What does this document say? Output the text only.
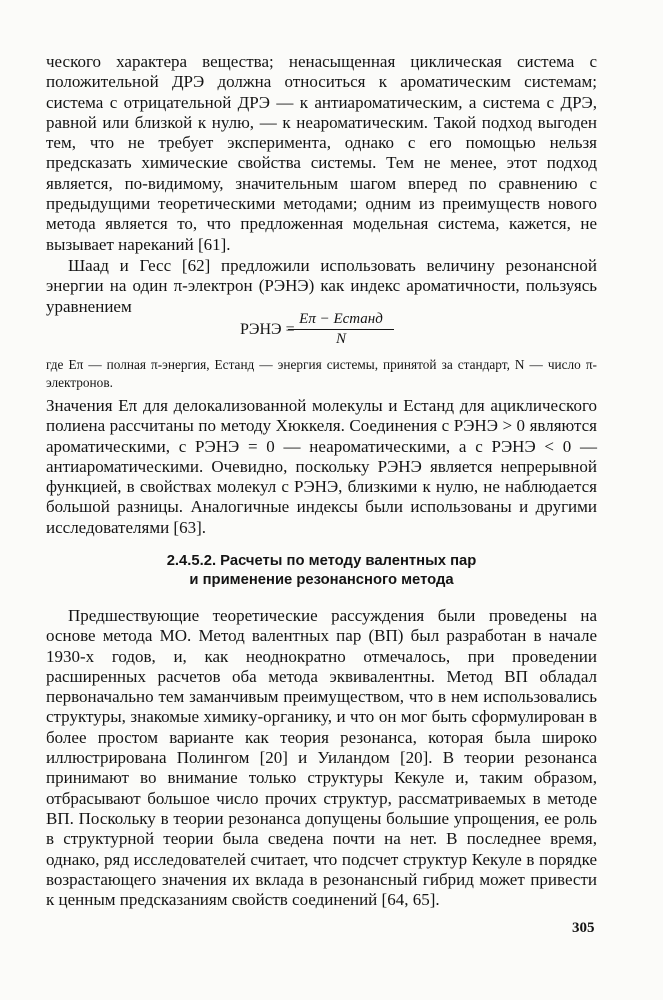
ческого характера вещества; ненасыщенная циклическая система с положительной ДРЭ должна относиться к ароматическим системам; система с отрицательной ДРЭ — к антиароматическим, а система с ДРЭ, равной или близкой к нулю, — к неароматическим. Такой подход выгоден тем, что не требует эксперимента, однако с его помощью нельзя предсказать химические свойства системы. Тем не менее, этот подход является, по-видимому, значительным шагом вперед по сравнению с предыдущими теоретическими методами; одним из преимуществ нового метода является то, что предложенная модельная система, кажется, не вызывает нареканий [61].

Шаад и Гесс [62] предложили использовать величину резонансной энергии на один π-электрон (РЭНЭ) как индекс ароматичности, пользуясь уравнением

РЭНЭ =
Eπ − Eстанд
N

где Eπ — полная π-энергия, Eстанд — энергия системы, принятой за стандарт, N — число π-электронов.

Значения Eπ для делокализованной молекулы и Eстанд для ациклического полиена рассчитаны по методу Хюккеля. Соединения с РЭНЭ > 0 являются ароматическими, с РЭНЭ = 0 — неароматическими, а с РЭНЭ < 0 — антиароматическими. Очевидно, поскольку РЭНЭ является непрерывной функцией, в свойствах молекул с РЭНЭ, близкими к нулю, не наблюдается большой разницы. Аналогичные индексы были использованы и другими исследователями [63].

2.4.5.2. Расчеты по методу валентных пар
и применение резонансного метода

Предшествующие теоретические рассуждения были проведены на основе метода МО. Метод валентных пар (ВП) был разработан в начале 1930-х годов, и, как неоднократно отмечалось, при проведении расширенных расчетов оба метода эквивалентны. Метод ВП обладал первоначально тем заманчивым преимуществом, что в нем использовались структуры, знакомые химику-органику, и что он мог быть сформулирован в более простом варианте как теория резонанса, которая была широко иллюстрирована Полингом [20] и Уиландом [20]. В теории резонанса принимают во внимание только структуры Кекуле и, таким образом, отбрасывают большое число прочих структур, рассматриваемых в методе ВП. Поскольку в теории резонанса допущены большие упрощения, ее роль в структурной теории была сведена почти на нет. В последнее время, однако, ряд исследователей считает, что подсчет структур Кекуле в порядке возрастающего значения их вклада в резонансный гибрид может привести к ценным предсказаниям свойств соединений [64, 65].

305
